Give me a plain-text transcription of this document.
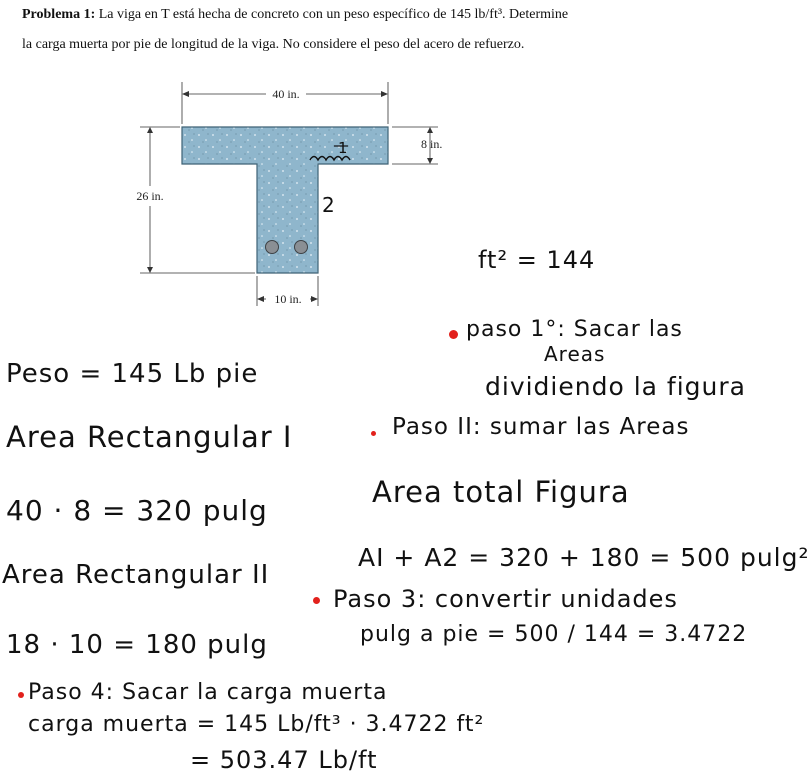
Problema 1: La viga en T está hecha de concreto con un peso específico de 145 lb/ft³. Determine
la carga muerta por pie de longitud de la viga. No considere el peso del acero de refuerzo.
40 in.
8 in.
26 in.
10 in.
1
2
ft² = 144
paso 1°: Sacar las
Areas
dividiendo la figura
Peso = 145 Lb pie
Paso II: sumar las Areas
Area Rectangular I
Area total Figura
40 · 8 = 320 pulg
AI + A2 = 320 + 180 = 500 pulg²
Area Rectangular II
Paso 3: convertir unidades
pulg a pie = 500 / 144 = 3.4722
18 · 10 = 180 pulg
Paso 4: Sacar la carga muerta
carga muerta = 145 Lb/ft³ · 3.4722 ft²
= 503.47 Lb/ft
